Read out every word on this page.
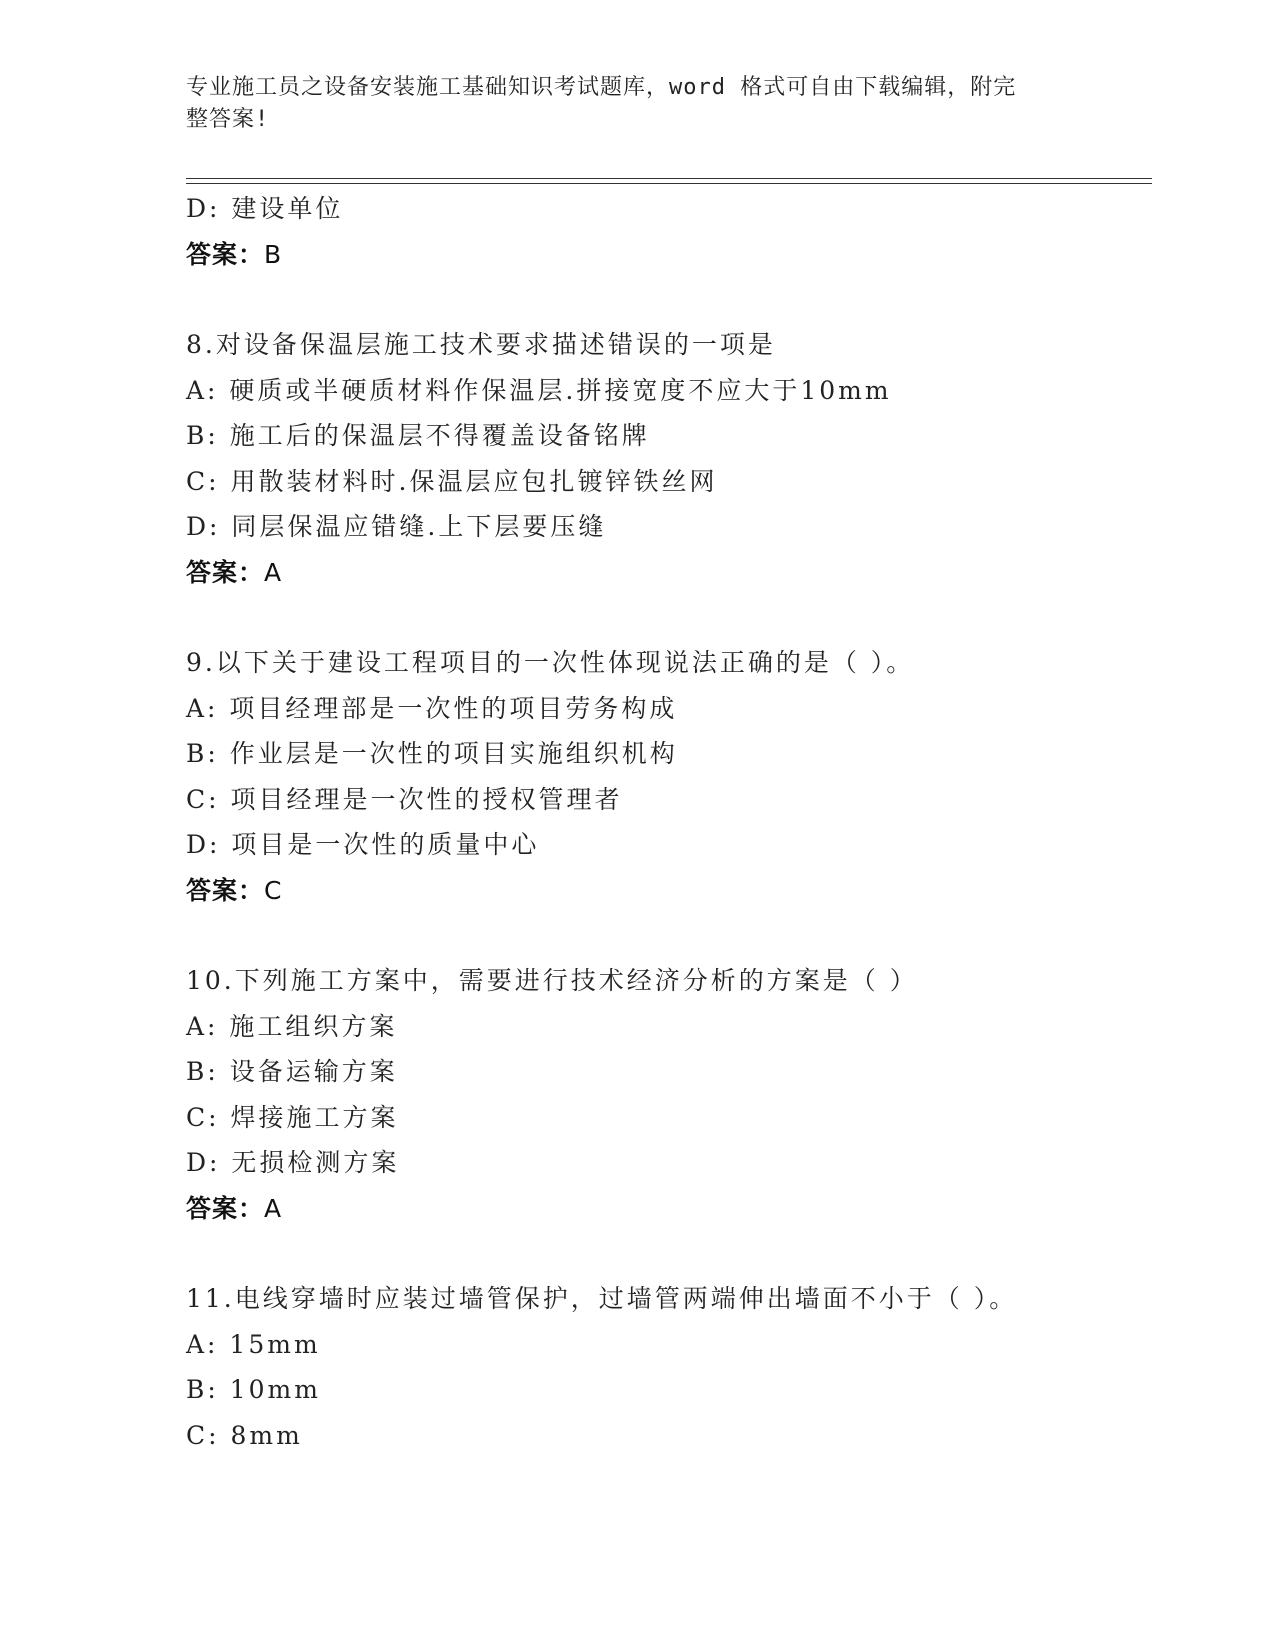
专业施工员之设备安装施工基础知识考试题库，word 格式可自由下载编辑，附完
整答案!
D: 建设单位
答案：B
8.对设备保温层施工技术要求描述错误的一项是
A: 硬质或半硬质材料作保温层.拼接宽度不应大于10mm
B: 施工后的保温层不得覆盖设备铭牌
C: 用散装材料时.保温层应包扎镀锌铁丝网
D: 同层保温应错缝.上下层要压缝
答案：A
9.以下关于建设工程项目的一次性体现说法正确的是（ ）。
A: 项目经理部是一次性的项目劳务构成
B: 作业层是一次性的项目实施组织机构
C: 项目经理是一次性的授权管理者
D: 项目是一次性的质量中心
答案：C
10.下列施工方案中，需要进行技术经济分析的方案是（ ）
A: 施工组织方案
B: 设备运输方案
C: 焊接施工方案
D: 无损检测方案
答案：A
11.电线穿墙时应装过墙管保护，过墙管两端伸出墙面不小于（ ）。
A: 15mm
B: 10mm
C: 8mm
